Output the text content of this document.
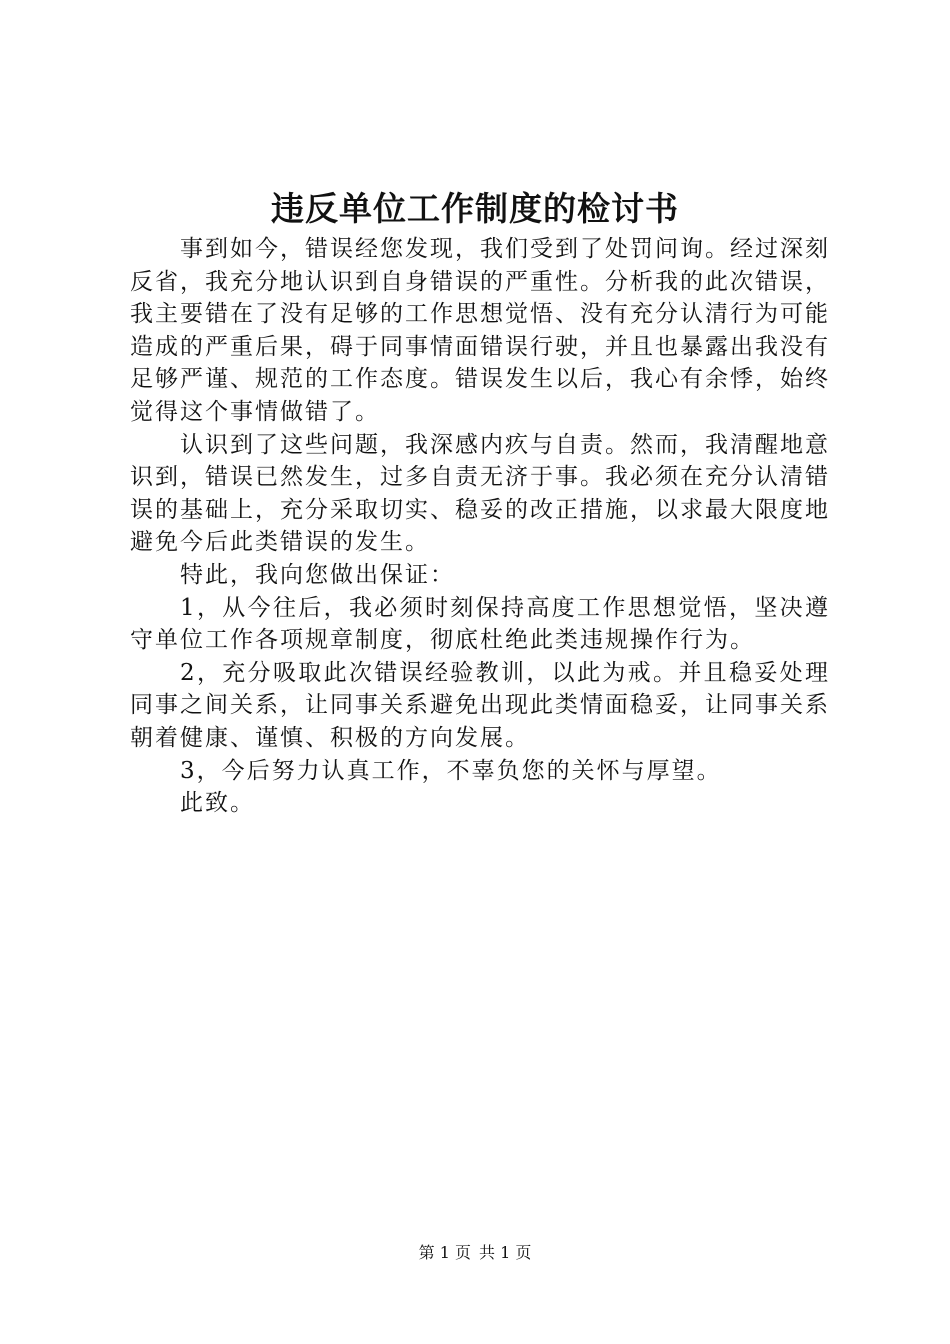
违反单位工作制度的检讨书

事到如今，错误经您发现，我们受到了处罚问询。经过深刻反省，我充分地认识到自身错误的严重性。分析我的此次错误，我主要错在了没有足够的工作思想觉悟、没有充分认清行为可能造成的严重后果，碍于同事情面错误行驶，并且也暴露出我没有足够严谨、规范的工作态度。错误发生以后，我心有余悸，始终觉得这个事情做错了。

认识到了这些问题，我深感内疚与自责。然而，我清醒地意识到，错误已然发生，过多自责无济于事。我必须在充分认清错误的基础上，充分采取切实、稳妥的改正措施，以求最大限度地避免今后此类错误的发生。

特此，我向您做出保证：

1，从今往后，我必须时刻保持高度工作思想觉悟，坚决遵守单位工作各项规章制度，彻底杜绝此类违规操作行为。

2，充分吸取此次错误经验教训，以此为戒。并且稳妥处理同事之间关系，让同事关系避免出现此类情面稳妥，让同事关系朝着健康、谨慎、积极的方向发展。

3，今后努力认真工作，不辜负您的关怀与厚望。

此致。

第 1 页 共 1 页
